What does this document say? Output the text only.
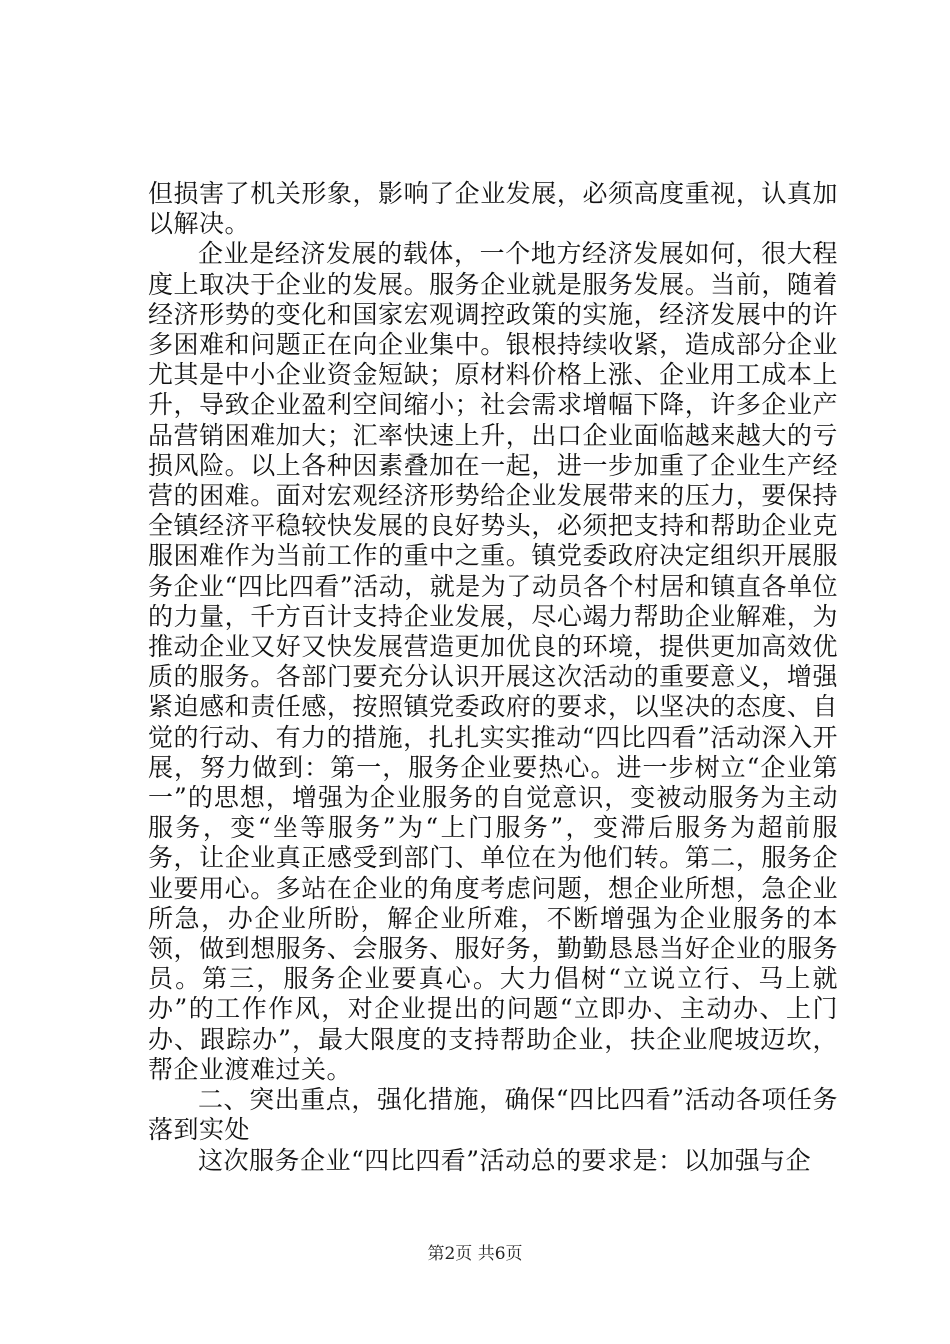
但损害了机关形象，影响了企业发展，必须高度重视，认真加以解决。

企业是经济发展的载体，一个地方经济发展如何，很大程度上取决于企业的发展。服务企业就是服务发展。当前，随着经济形势的变化和国家宏观调控政策的实施，经济发展中的许多困难和问题正在向企业集中。银根持续收紧，造成部分企业尤其是中小企业资金短缺；原材料价格上涨、企业用工成本上升，导致企业盈利空间缩小；社会需求增幅下降，许多企业产品营销困难加大；汇率快速上升，出口企业面临越来越大的亏损风险。以上各种因素叠加在一起，进一步加重了企业生产经营的困难。面对宏观经济形势给企业发展带来的压力，要保持全镇经济平稳较快发展的良好势头，必须把支持和帮助企业克服困难作为当前工作的重中之重。镇党委政府决定组织开展服务企业“四比四看”活动，就是为了动员各个村居和镇直各单位的力量，千方百计支持企业发展，尽心竭力帮助企业解难，为推动企业又好又快发展营造更加优良的环境，提供更加高效优质的服务。各部门要充分认识开展这次活动的重要意义，增强紧迫感和责任感，按照镇党委政府的要求，以坚决的态度、自觉的行动、有力的措施，扎扎实实推动“四比四看”活动深入开展，努力做到：第一，服务企业要热心。进一步树立“企业第一”的思想，增强为企业服务的自觉意识，变被动服务为主动服务，变“坐等服务”为“上门服务”，变滞后服务为超前服务，让企业真正感受到部门、单位在为他们转。第二，服务企业要用心。多站在企业的角度考虑问题，想企业所想，急企业所急，办企业所盼，解企业所难，不断增强为企业服务的本领，做到想服务、会服务、服好务，勤勤恳恳当好企业的服务员。第三，服务企业要真心。大力倡树“立说立行、马上就办”的工作作风，对企业提出的问题“立即办、主动办、上门办、跟踪办”，最大限度的支持帮助企业，扶企业爬坡迈坎，帮企业渡难过关。

二、突出重点，强化措施，确保“四比四看”活动各项任务落到实处

这次服务企业“四比四看”活动总的要求是：以加强与企

第2页 共6页
